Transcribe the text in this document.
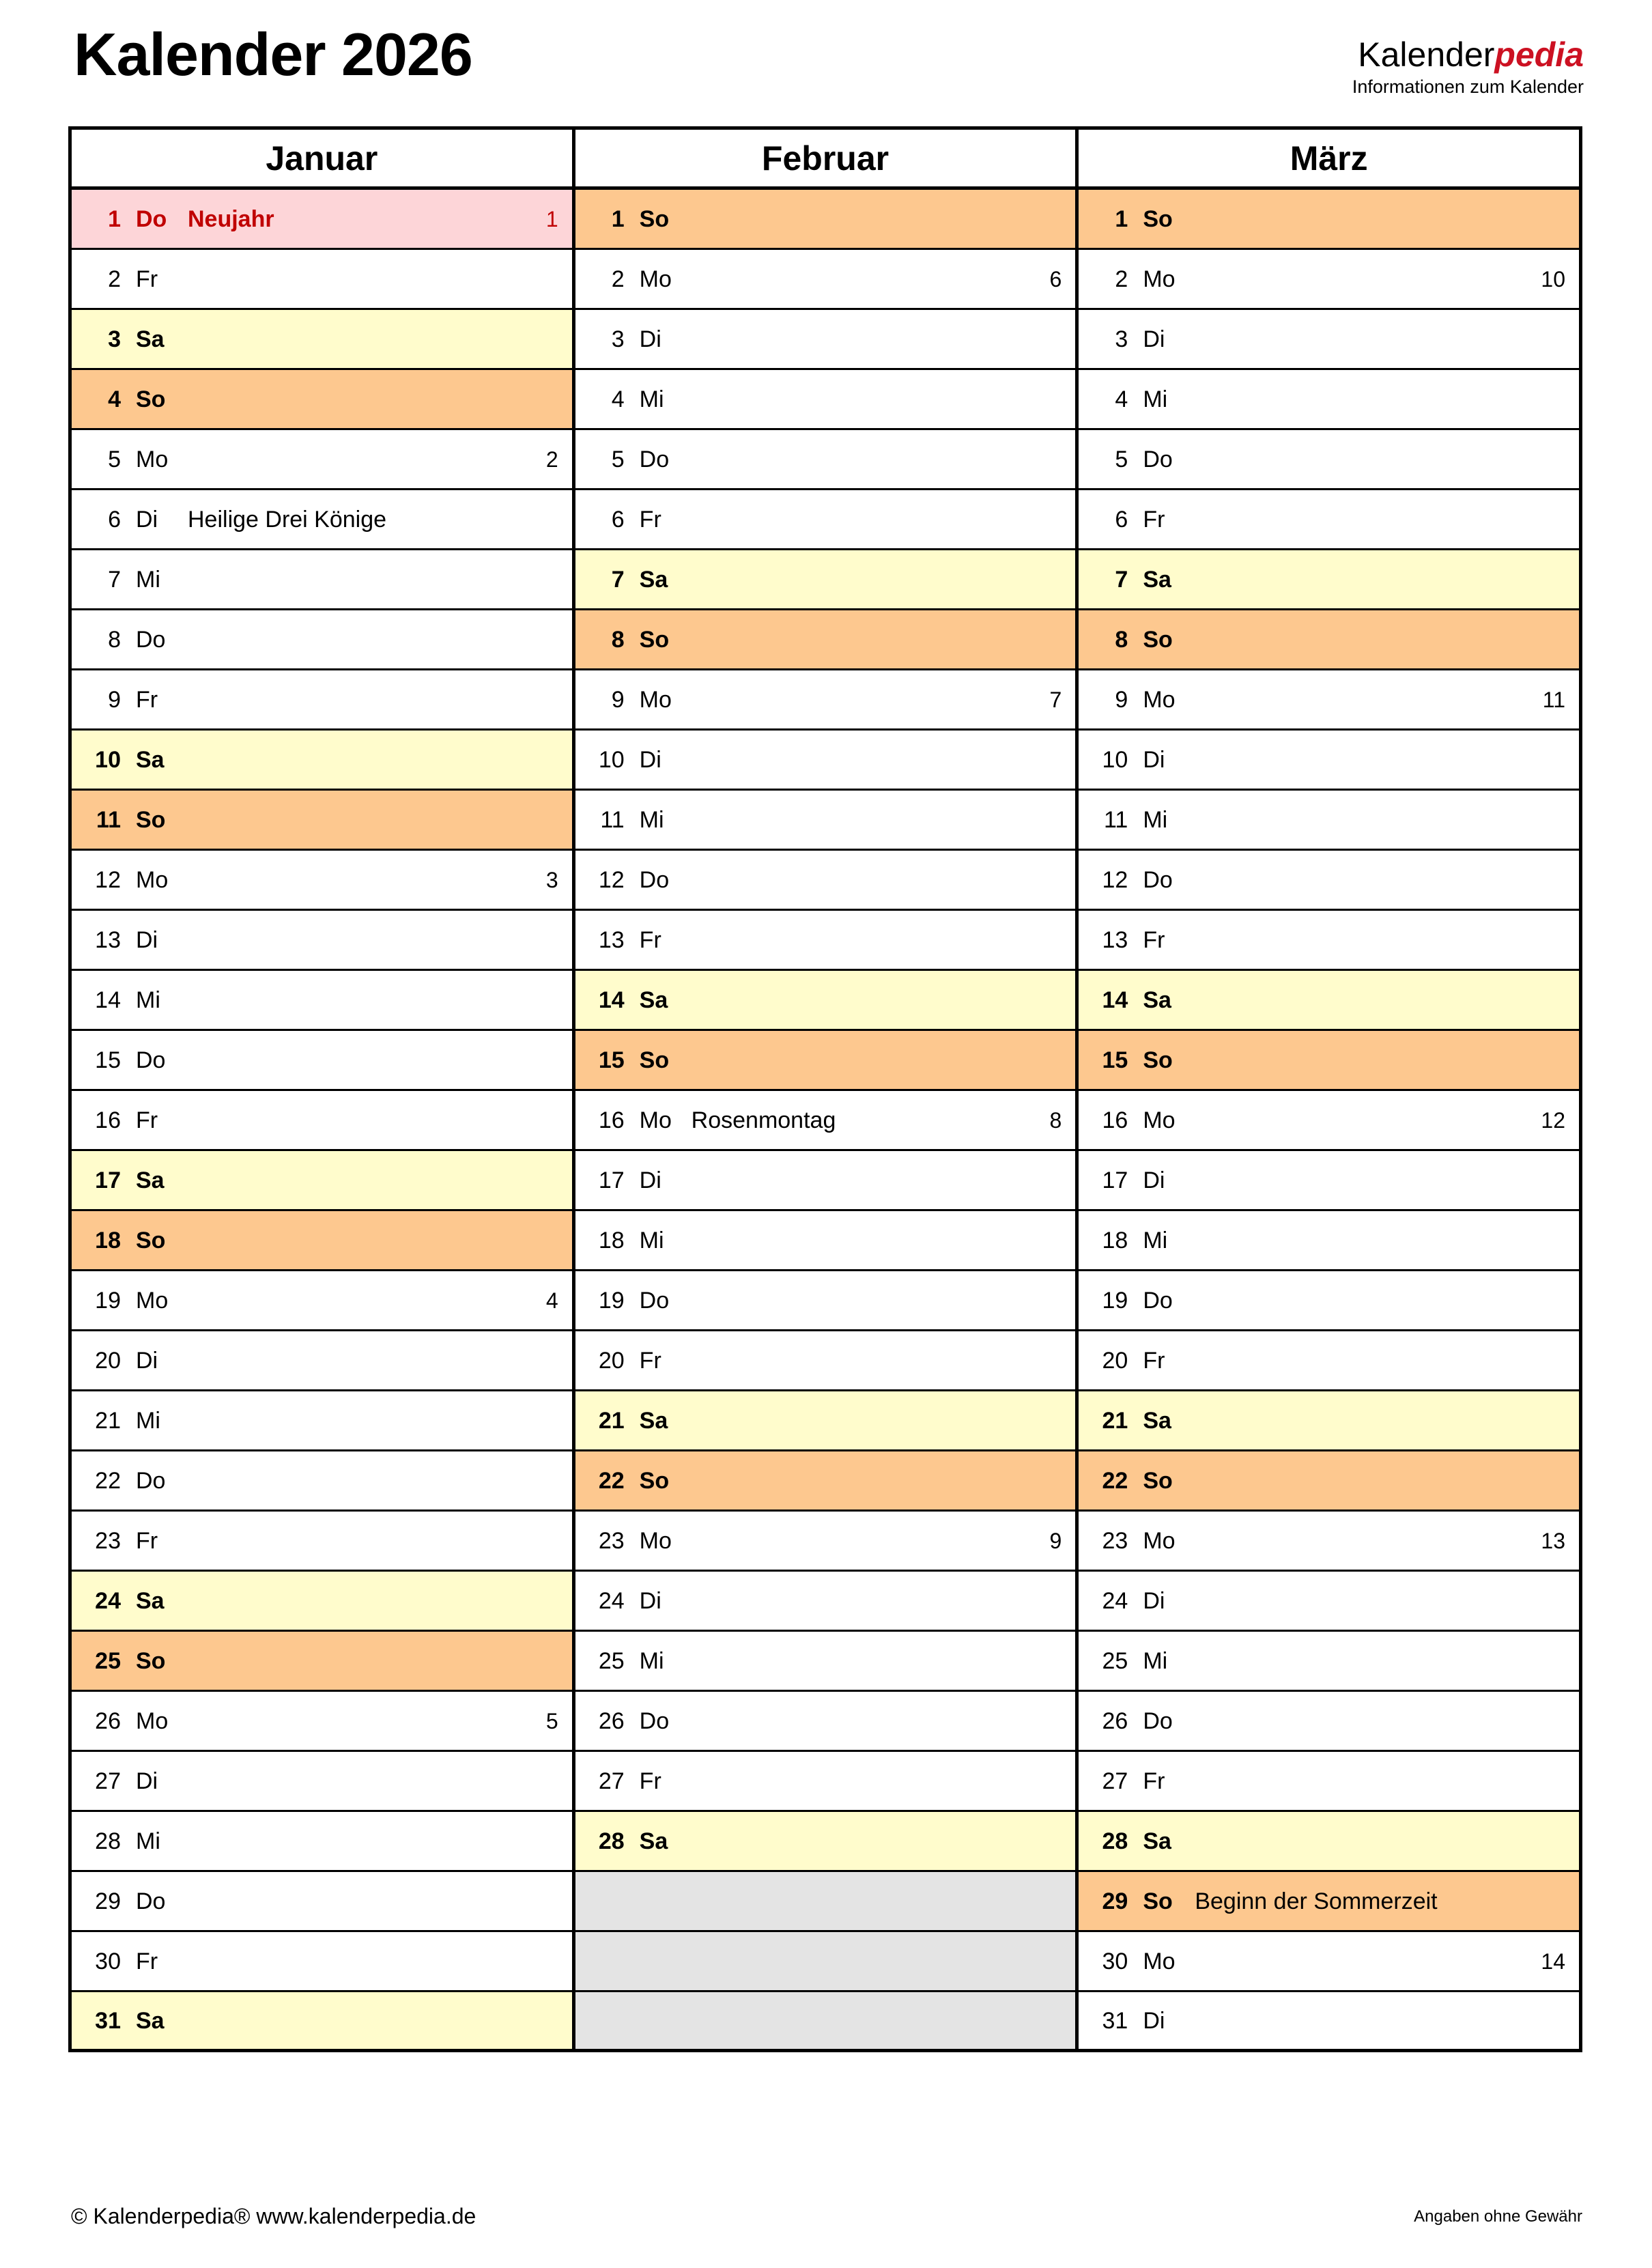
Kalender 2026	Kalenderpedia
Informationen zum Kalender
Januar
1 Do Neujahr	1
2 Fr
3 Sa
4 So
5 Mo	2
6 Di	Heilige Drei Könige
7 Mi
8 Do
9 Fr
10 Sa
11 So
12 Mo	3
13 Di
14 Mi
15 Do
16 Fr
17 Sa
18 So
19 Mo	4
20 Di
21 Mi
22 Do
23 Fr
24 Sa
25 So
26 Mo	5
27 Di
28 Mi
29 Do
30 Fr
31 Sa
Februar
1 So
2 Mo	6
3 Di
4 Mi
5 Do
6 Fr
7 Sa
8 So
9 Mo	7
10 Di
11 Mi
12 Do
13 Fr
14 Sa
15 So
16 Mo Rosenmontag	8
17 Di
18 Mi
19 Do
20 Fr
21 Sa
22 So
23 Mo	9
24 Di
25 Mi
26 Do
27 Fr
28 Sa
März
1 So
2 Mo	10
3 Di
4 Mi
5 Do
6 Fr
7 Sa
8 So
9 Mo	11
10 Di
11 Mi
12 Do
13 Fr
14 Sa
15 So
16 Mo	12
17 Di
18 Mi
19 Do
20 Fr
21 Sa
22 So
23 Mo	13
24 Di
25 Mi
26 Do
27 Fr
28 Sa
29 So Beginn der Sommerzeit
30 Mo	14
31 Di
© Kalenderpedia® www.kalenderpedia.de	Angaben ohne Gewähr
